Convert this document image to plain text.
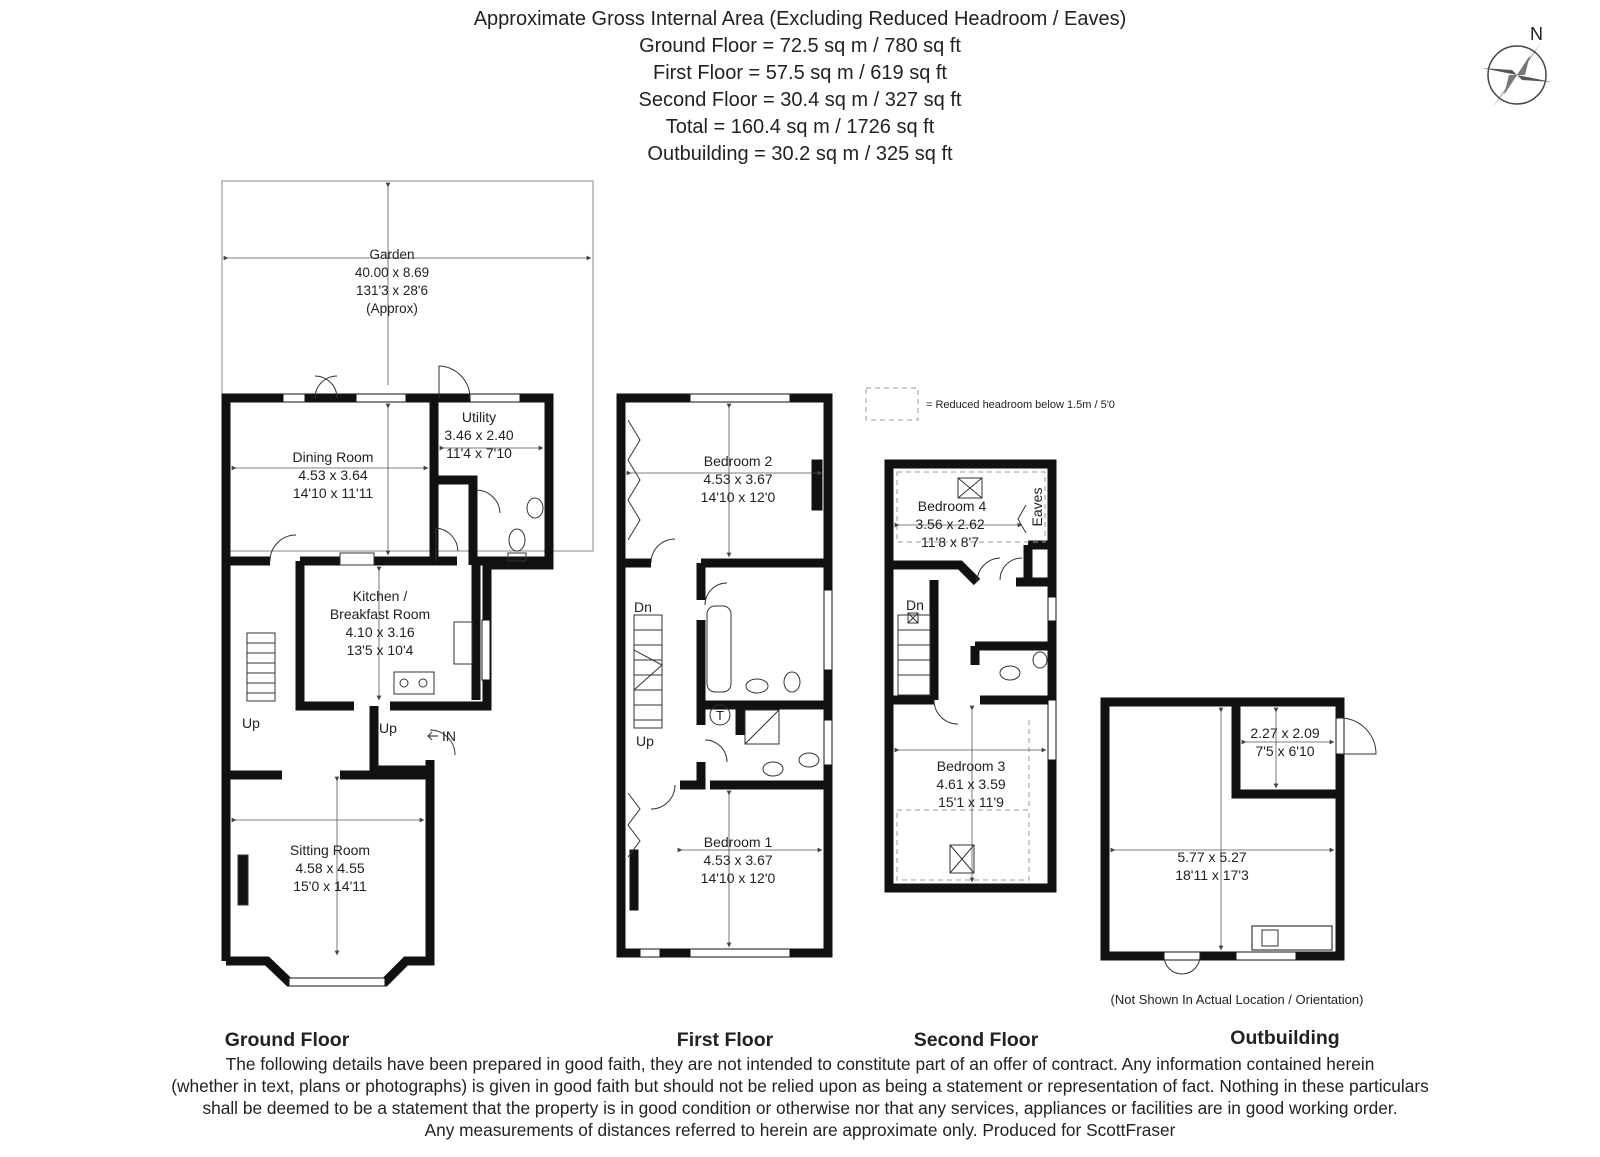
Approximate Gross Internal Area (Excluding Reduced Headroom / Eaves)
Ground Floor = 72.5 sq m / 780 sq ft
First Floor = 57.5 sq m / 619 sq ft
Second Floor = 30.4 sq m / 327 sq ft
Total = 160.4 sq m / 1726 sq ft
Outbuilding = 30.2 sq m / 325 sq ft
N
= Reduced headroom below 1.5m / 5'0
Garden
40.00 x 8.69
131'3 x 28'6
(Approx)
Dining Room
4.53 x 3.64
14'10 x 11'11
Utility
3.46 x 2.40
11'4 x 7'10
Kitchen /
Breakfast Room
4.10 x 3.16
13'5 x 10'4
Sitting Room
4.58 x 4.55
15'0 x 14'11
Up	Up	IN
T
Bedroom 2
4.53 x 3.67
14'10 x 12'0
Bedroom 1
4.53 x 3.67
14'10 x 12'0
Dn
Up
Bedroom 4
3.56 x 2.62
11'8 x 8'7
Eaves
Dn
Bedroom 3
4.61 x 3.59
15'1 x 11'9
2.27 x 2.09
7'5 x 6'10
5.77 x 5.27
18'11 x 17'3
(Not Shown In Actual Location / Orientation)
Ground Floor	First Floor	Second Floor	Outbuilding
The following details have been prepared in good faith, they are not intended to constitute part of an offer of contract. Any information contained herein
(whether in text, plans or photographs) is given in good faith but should not be relied upon as being a statement or representation of fact. Nothing in these particulars
shall be deemed to be a statement that the property is in good condition or otherwise nor that any services, appliances or facilities are in good working order.
Any measurements of distances referred to herein are approximate only. Produced for ScottFraser
